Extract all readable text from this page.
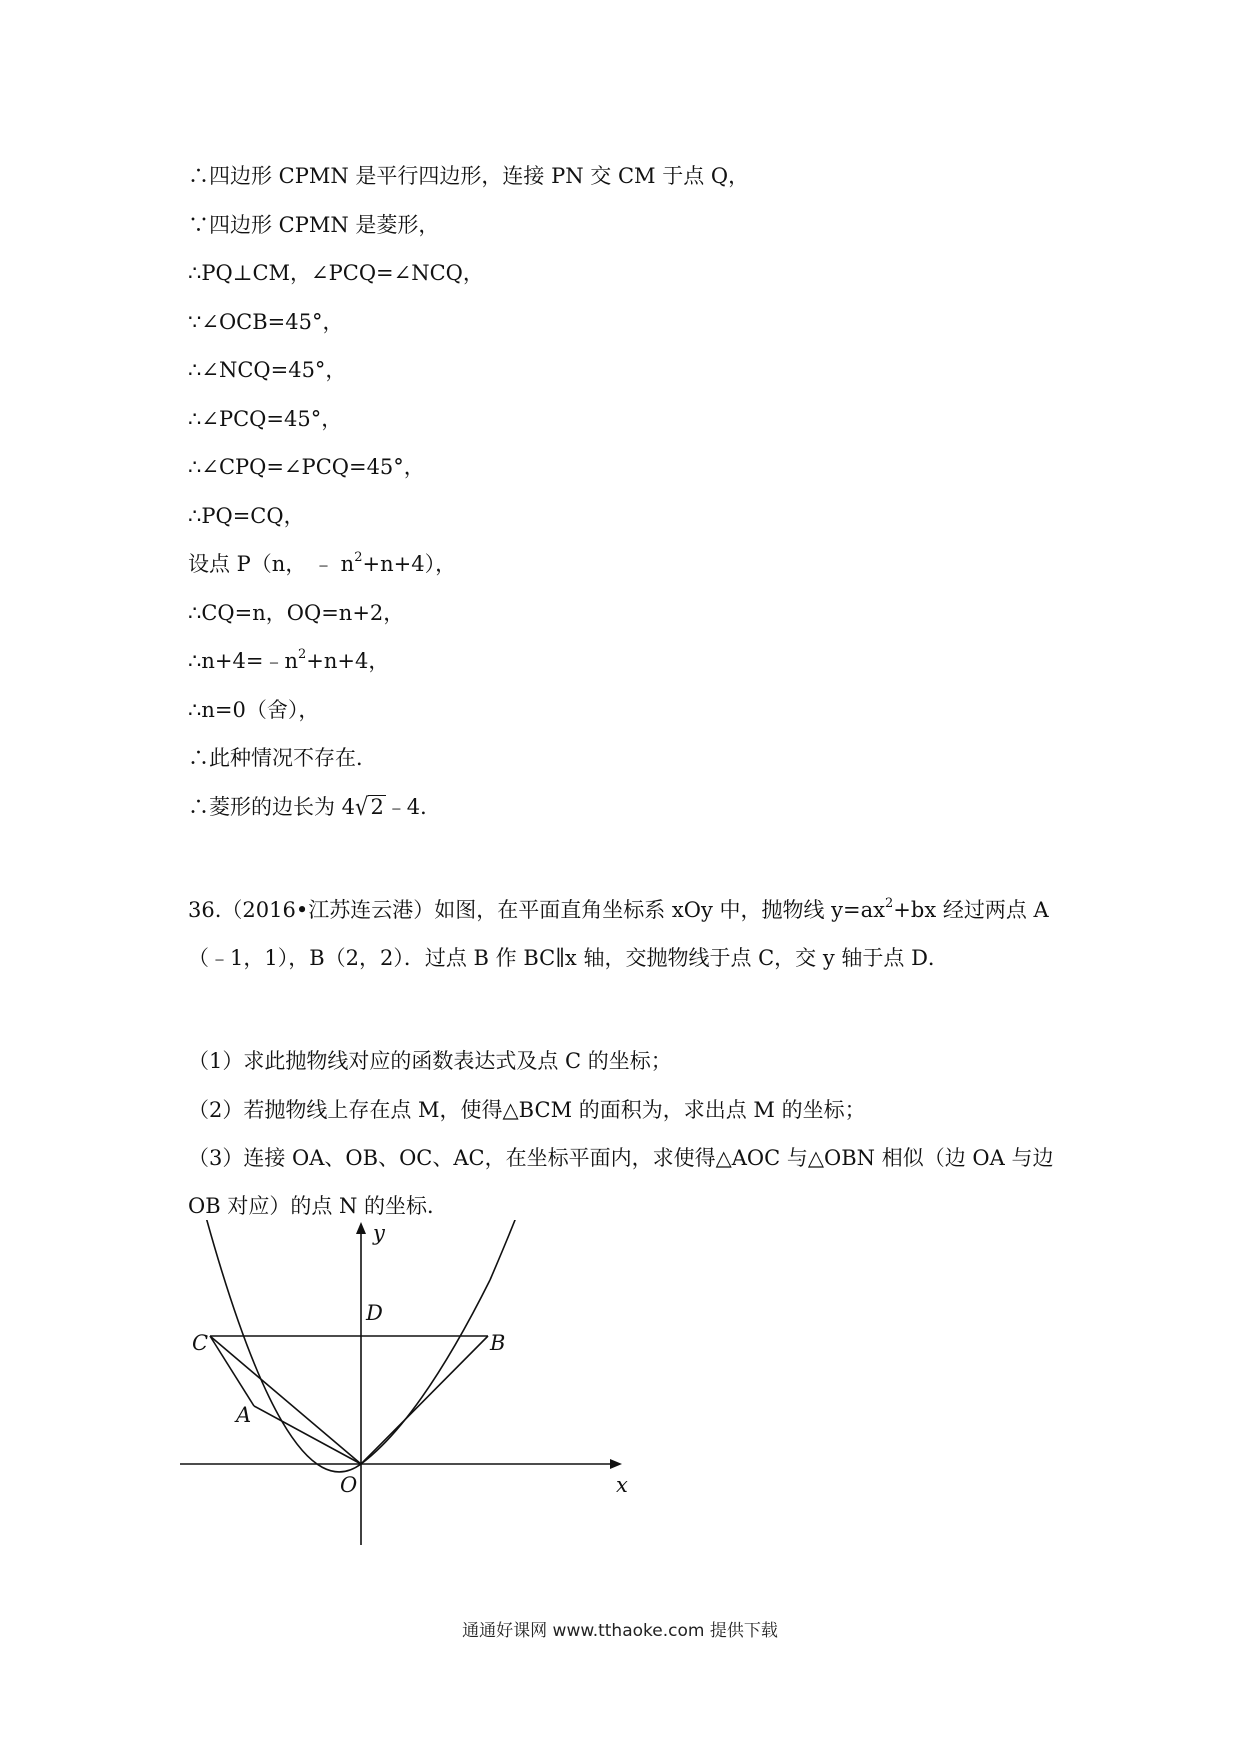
∴四边形 CPMN 是平行四边形，连接 PN 交 CM 于点 Q，
∵四边形 CPMN 是菱形，
∴PQ⊥CM，∠PCQ=∠NCQ，
∵∠OCB=45°，
∴∠NCQ=45°，
∴∠PCQ=45°，
∴∠CPQ=∠PCQ=45°，
∴PQ=CQ，
设点 P（n， ﹣ $n^2+n+4$），
∴CQ=n，OQ=n+2，
$\therefore n+4=﹣n^2+n+4$，
∴n=0（舍），
∴此种情况不存在．
∴菱形的边长为 4√2﹣4．
36.（2016•江苏连云港）如图，在平面直角坐标系 xOy 中，抛物线 $y=ax^2+bx$ 经过两点 A（﹣1，1），B（2，2）．过点 B 作 BC∥x 轴，交抛物线于点 C，交 y 轴于点 D．
（1）求此抛物线对应的函数表达式及点 C 的坐标；
（2）若抛物线上存在点 M，使得△BCM 的面积为，求出点 M 的坐标；
（3）连接 OA、OB、OC、AC，在坐标平面内，求使得△AOC 与△OBN 相似（边 OA 与边 OB 对应）的点 N 的坐标．
y
x
O
A
B
C
D
通通好课网 www.tthaoke.com 提供下载
